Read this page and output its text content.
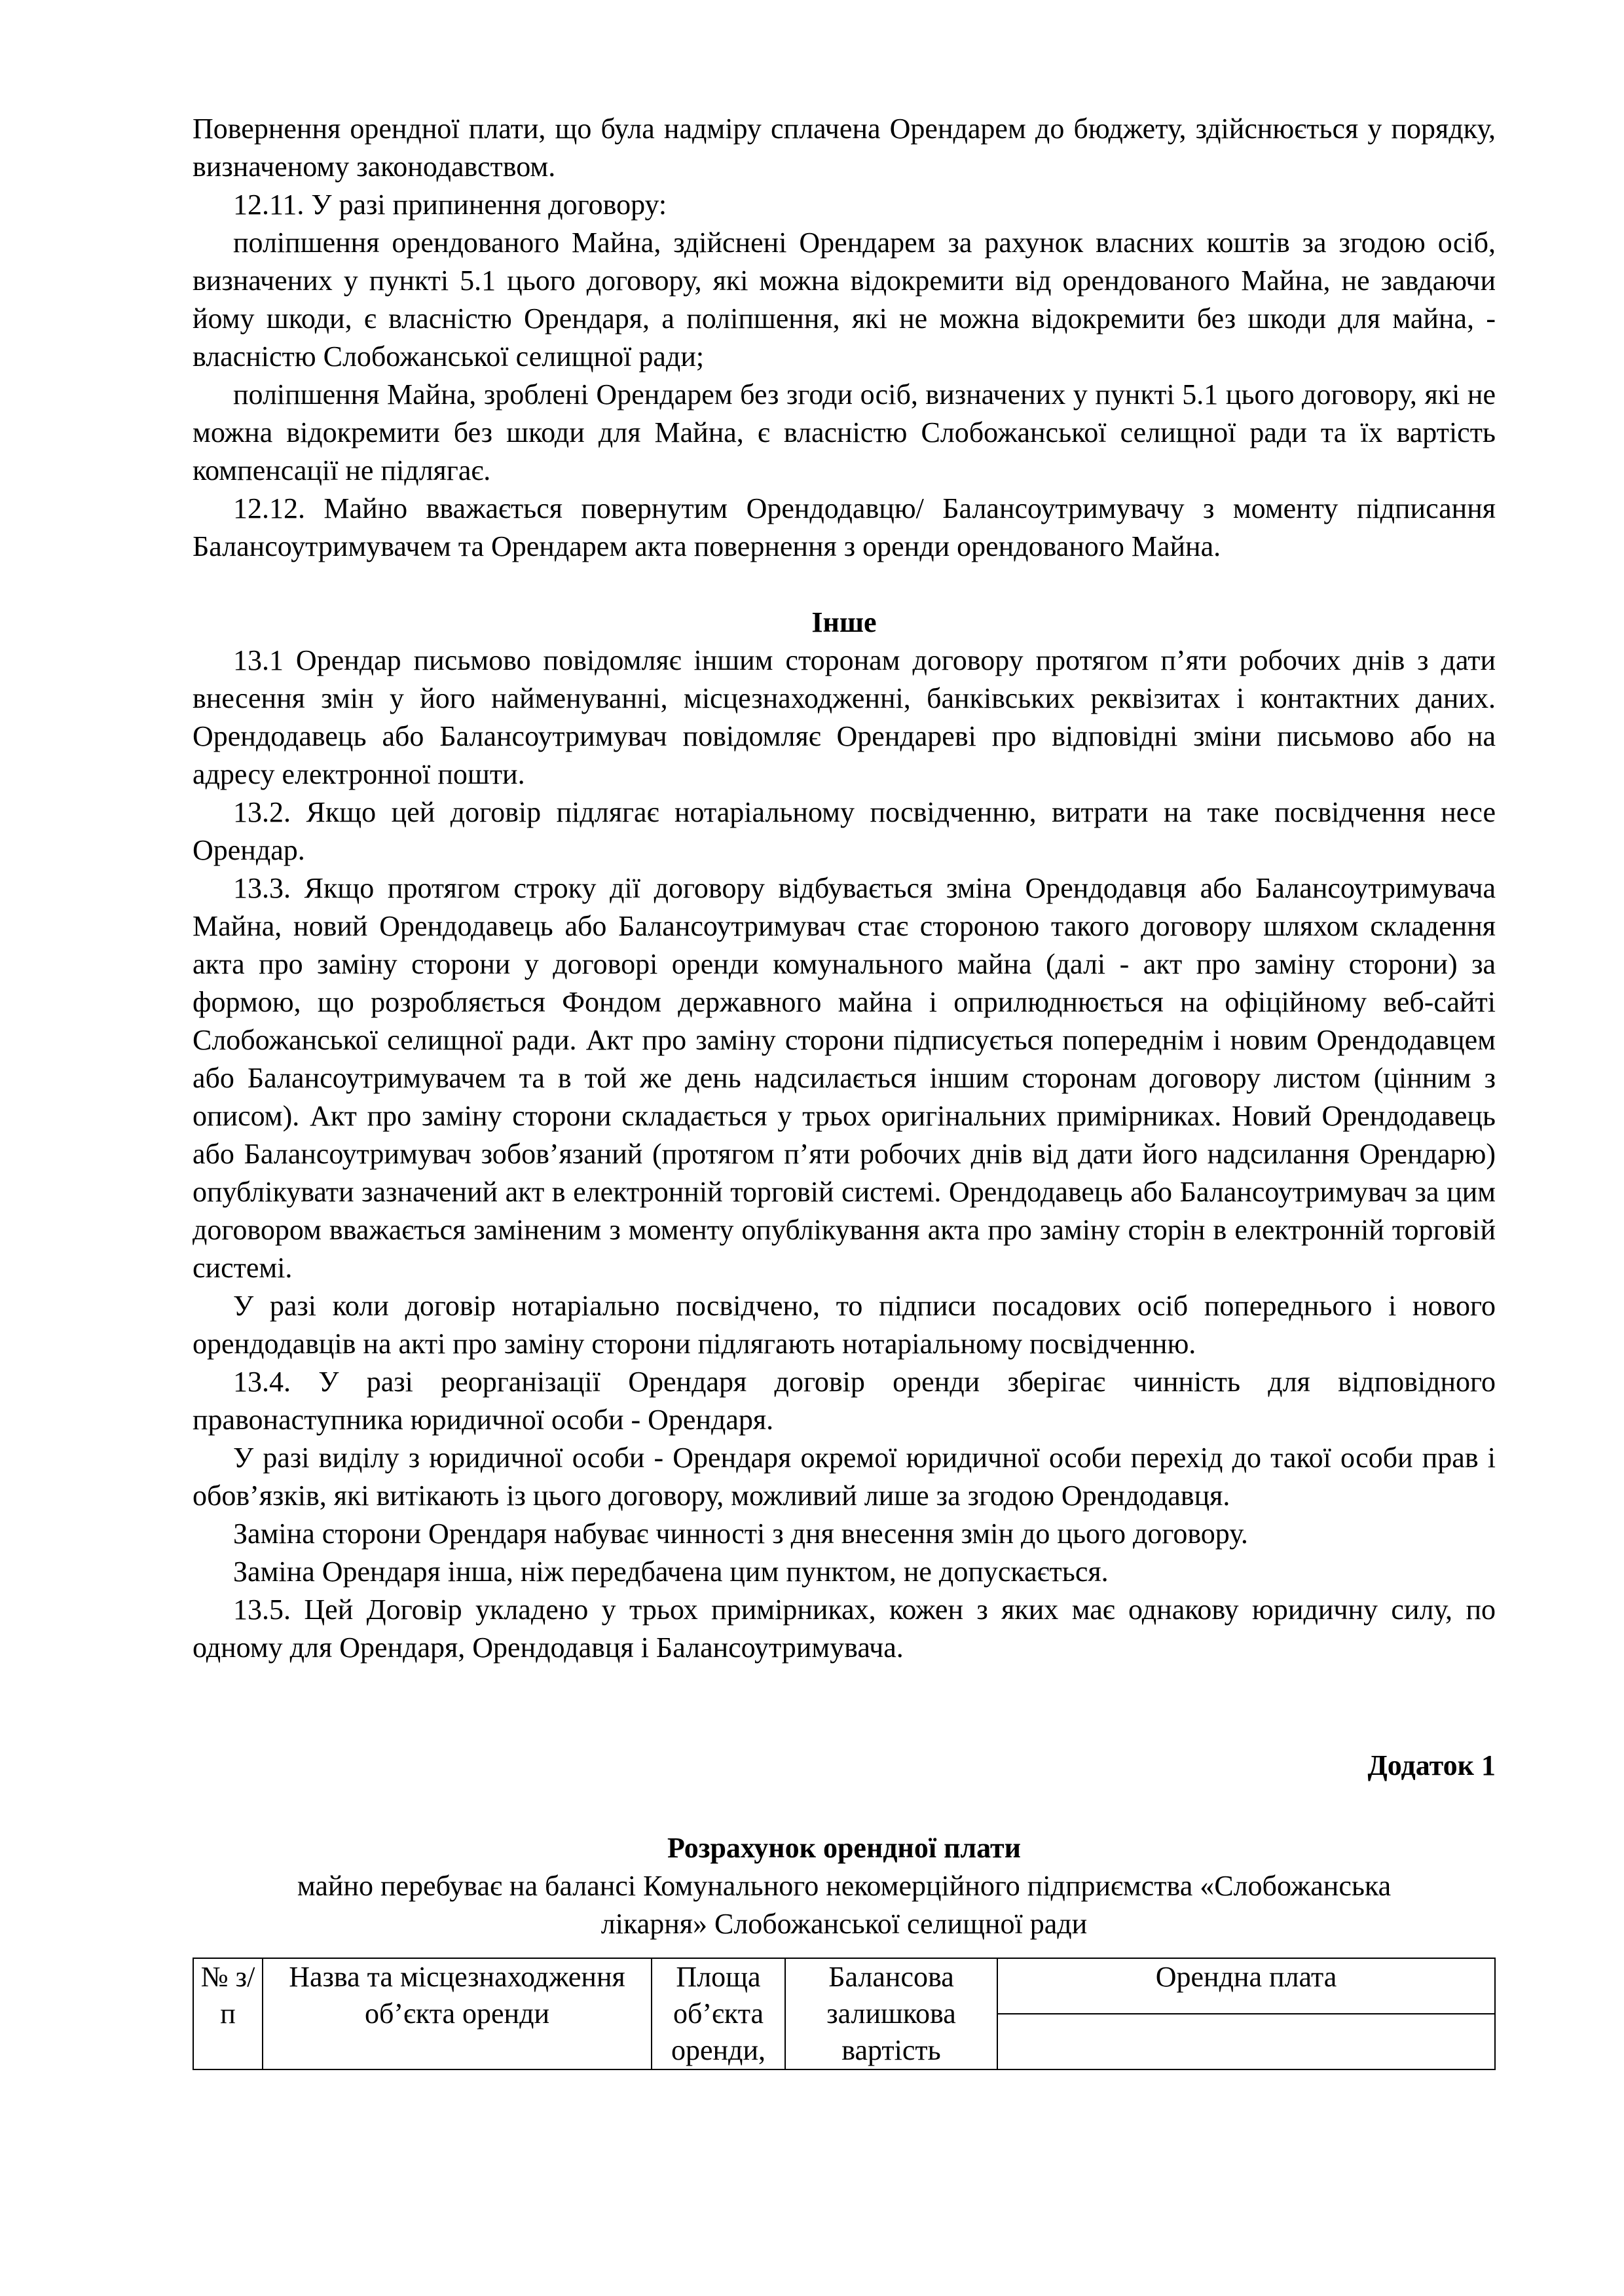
Повернення орендної плати, що була надміру сплачена Орендарем до бюджету, здійснюється у порядку, визначеному законодавством.

12.11. У разі припинення договору:

поліпшення орендованого Майна, здійснені Орендарем за рахунок власних коштів за згодою осіб, визначених у пункті 5.1 цього договору, які можна відокремити від орендованого Майна, не завдаючи йому шкоди, є власністю Орендаря, а поліпшення, які не можна відокремити без шкоди для майна, - власністю Слобожанської селищної ради;

поліпшення Майна, зроблені Орендарем без згоди осіб, визначених у пункті 5.1 цього договору, які не можна відокремити без шкоди для Майна, є власністю Слобожанської селищної ради та їх вартість компенсації не підлягає.

12.12. Майно вважається повернутим Орендодавцю/ Балансоутримувачу з моменту підписання Балансоутримувачем та Орендарем акта повернення з оренди орендованого Майна.

Інше

13.1 Орендар письмово повідомляє іншим сторонам договору протягом п’яти робочих днів з дати внесення змін у його найменуванні, місцезнаходженні, банківських реквізитах і контактних даних. Орендодавець або Балансоутримувач повідомляє Орендареві про відповідні зміни письмово або на адресу електронної пошти.

13.2. Якщо цей договір підлягає нотаріальному посвідченню, витрати на таке посвідчення несе Орендар.

13.3. Якщо протягом строку дії договору відбувається зміна Орендодавця або Балансоутримувача Майна, новий Орендодавець або Балансоутримувач стає стороною такого договору шляхом складення акта про заміну сторони у договорі оренди комунального майна (далі - акт про заміну сторони) за формою, що розробляється Фондом державного майна і оприлюднюється на офіційному веб-сайті Слобожанської селищної ради. Акт про заміну сторони підписується попереднім і новим Орендодавцем або Балансоутримувачем та в той же день надсилається іншим сторонам договору листом (цінним з описом). Акт про заміну сторони складається у трьох оригінальних примірниках. Новий Орендодавець або Балансоутримувач зобов’язаний (протягом п’яти робочих днів від дати його надсилання Орендарю) опублікувати зазначений акт в електронній торговій системі. Орендодавець або Балансоутримувач за цим договором вважається заміненим з моменту опублікування акта про заміну сторін в електронній торговій системі.

У разі коли договір нотаріально посвідчено, то підписи посадових осіб попереднього і нового орендодавців на акті про заміну сторони підлягають нотаріальному посвідченню.

13.4. У разі реорганізації Орендаря договір оренди зберігає чинність для відповідного правонаступника юридичної особи - Орендаря.

У разі виділу з юридичної особи - Орендаря окремої юридичної особи перехід до такої особи прав і обов’язків, які витікають із цього договору, можливий лише за згодою Орендодавця.

Заміна сторони Орендаря набуває чинності з дня внесення змін до цього договору.

Заміна Орендаря інша, ніж передбачена цим пунктом, не допускається.

13.5. Цей Договір укладено у трьох примірниках, кожен з яких має однакову юридичну силу, по одному для Орендаря, Орендодавця і Балансоутримувача.

Додаток 1

Розрахунок орендної плати

майно перебуває на балансі Комунального некомерційного підприємства «Слобожанська

лікарня» Слобожанської селищної ради

№ з/п	Назва та місцезнаходження об’єкта оренди	Площа об’єкта оренди,	Балансова залишкова вартість	Орендна плата
